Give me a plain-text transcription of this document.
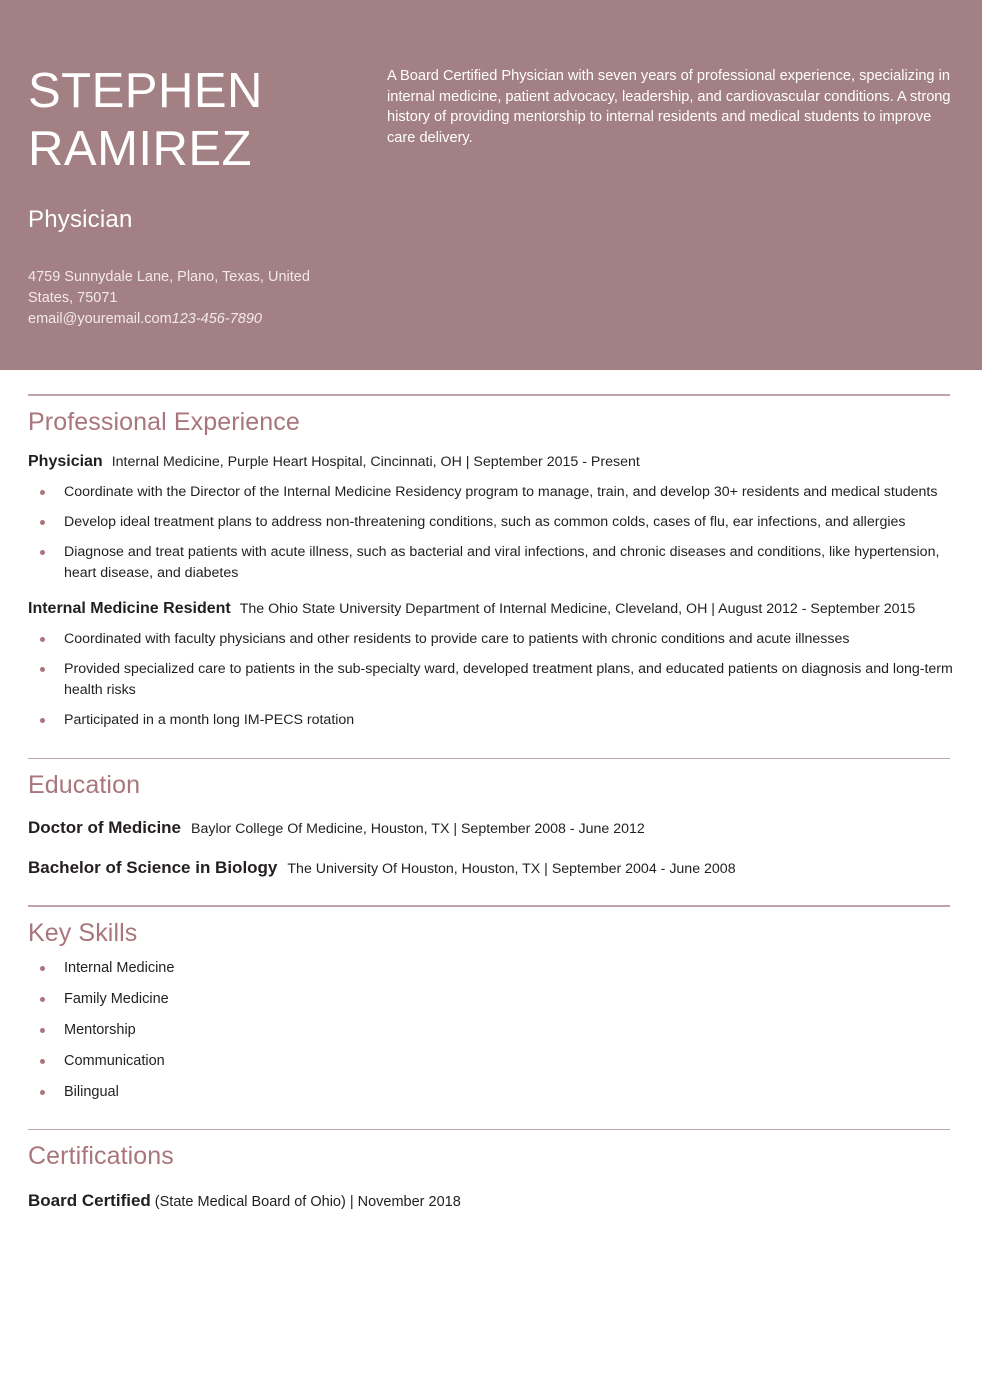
STEPHEN RAMIREZ
Physician
4759 Sunnydale Lane, Plano, Texas, United
States, 75071
email@youremail.com123-456-7890
A Board Certified Physician with seven years of professional experience, specializing in internal medicine, patient advocacy, leadership, and cardiovascular conditions. A strong history of providing mentorship to internal residents and medical students to improve care delivery.
Professional Experience
Physician Internal Medicine, Purple Heart Hospital, Cincinnati, OH | September 2015 - Present
Coordinate with the Director of the Internal Medicine Residency program to manage, train, and develop 30+ residents and medical students
Develop ideal treatment plans to address non-threatening conditions, such as common colds, cases of flu, ear infections, and allergies
Diagnose and treat patients with acute illness, such as bacterial and viral infections, and chronic diseases and conditions, like hypertension, heart disease, and diabetes
Internal Medicine Resident The Ohio State University Department of Internal Medicine, Cleveland, OH | August 2012 - September 2015
Coordinated with faculty physicians and other residents to provide care to patients with chronic conditions and acute illnesses
Provided specialized care to patients in the sub-specialty ward, developed treatment plans, and educated patients on diagnosis and long-term health risks
Participated in a month long IM-PECS rotation
Education
Doctor of Medicine Baylor College Of Medicine, Houston, TX | September 2008 - June 2012
Bachelor of Science in Biology The University Of Houston, Houston, TX | September 2004 - June 2008
Key Skills
Internal Medicine
Family Medicine
Mentorship
Communication
Bilingual
Certifications
Board Certified (State Medical Board of Ohio) | November 2018
